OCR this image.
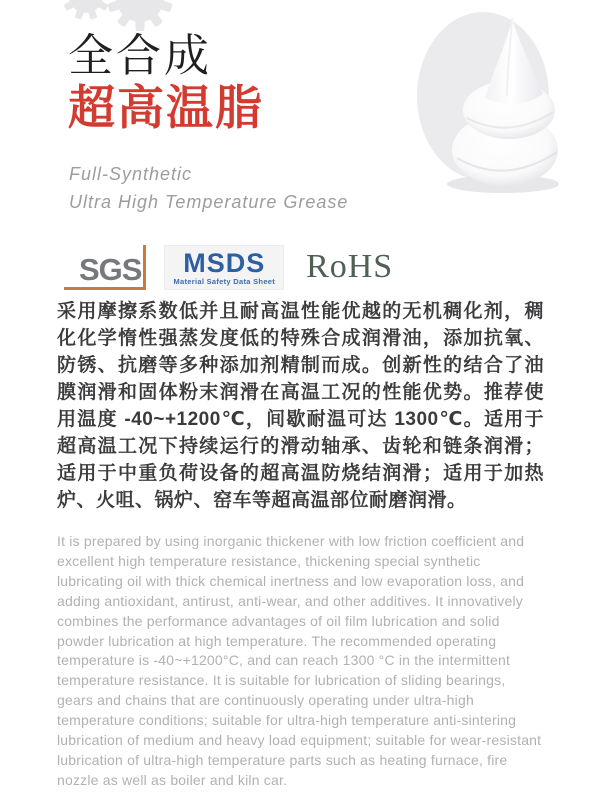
全合成
超高温脂
Full-Synthetic
Ultra High Temperature Grease
SGS	MSDS
Material Safety Data Sheet RoHS
采用摩擦系数低并且耐高温性能优越的无机稠化剂，稠化化学惰性强蒸发度低的特殊合成润滑油，添加抗氧、防锈、抗磨等多种添加剂精制而成。创新性的结合了油膜润滑和固体粉末润滑在高温工况的性能优势。推荐使用温度 -40~+1200℃，间歇耐温可达 1300℃。适用于超高温工况下持续运行的滑动轴承、齿轮和链条润滑；适用于中重负荷设备的超高温防烧结润滑；适用于加热炉、火咀、锅炉、窑车等超高温部位耐磨润滑。
It is prepared by using inorganic thickener with low friction coefficient and excellent high temperature resistance, thickening special synthetic lubricating oil with thick chemical inertness and low evaporation loss, and adding antioxidant, antirust, anti-wear, and other additives. It innovatively combines the performance advantages of oil film lubrication and solid powder lubrication at high temperature. The recommended operating temperature is -40~+1200°C, and can reach 1300 °C in the intermittent temperature resistance. It is suitable for lubrication of sliding bearings, gears and chains that are continuously operating under ultra-high temperature conditions; suitable for ultra-high temperature anti-sintering lubrication of medium and heavy load equipment; suitable for wear-resistant lubrication of ultra-high temperature parts such as heating furnace, fire nozzle as well as boiler and kiln car.
